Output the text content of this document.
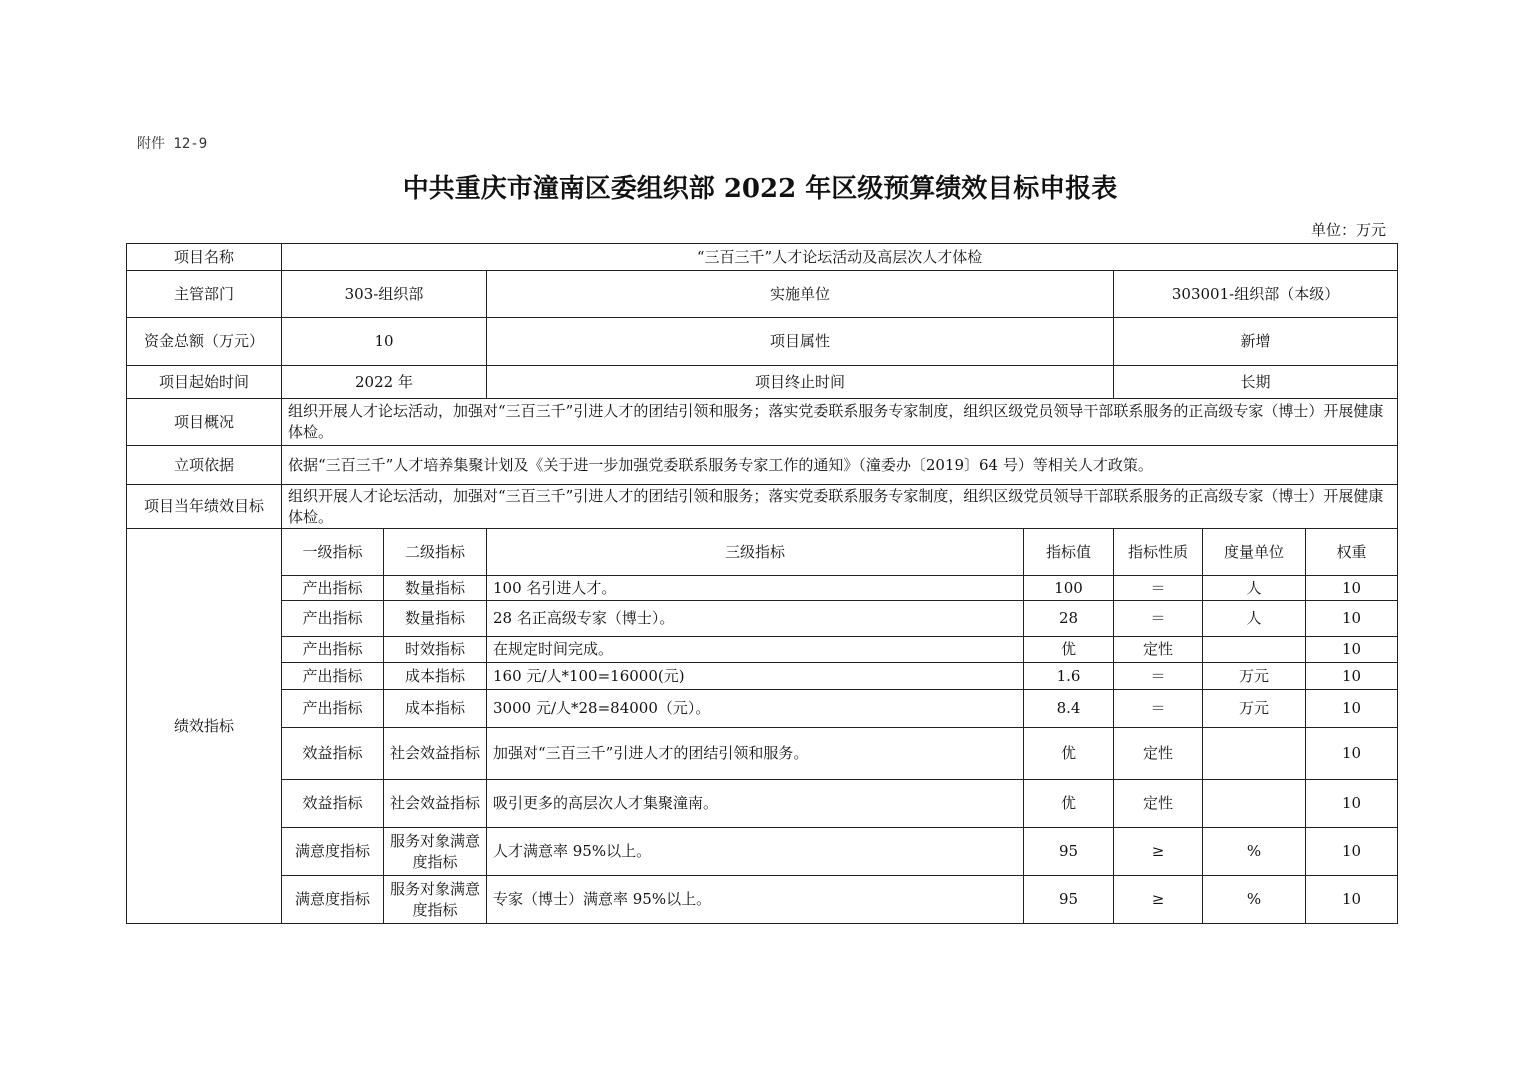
附件 12-9
中共重庆市潼南区委组织部 2022 年区级预算绩效目标申报表
单位：万元
项目名称	“三百三千”人才论坛活动及高层次人才体检						
主管部门	303-组织部		实施单位		303001-组织部（本级）		
资金总额（万元）	10		项目属性		新增		
项目起始时间	2022 年		项目终止时间		长期		
项目概况	组织开展人才论坛活动，加强对“三百三千”引进人才的团结引领和服务；落实党委联系服务专家制度，组织区级党员领导干部联系服务的正高级专家（博士）开展健康体检。						
立项依据	依据“三百三千”人才培养集聚计划及《关于进一步加强党委联系服务专家工作的通知》（潼委办〔2019〕64 号）等相关人才政策。						
项目当年绩效目标	组织开展人才论坛活动，加强对“三百三千”引进人才的团结引领和服务；落实党委联系服务专家制度，组织区级党员领导干部联系服务的正高级专家（博士）开展健康体检。						
绩效指标	一级指标	二级指标	三级指标	指标值	指标性质	度量单位	权重
	产出指标	数量指标	100 名引进人才。	100	＝	人	10
	产出指标	数量指标	28 名正高级专家（博士）。	28	＝	人	10
	产出指标	时效指标	在规定时间完成。	优	定性		10
	产出指标	成本指标	160 元/人*100=16000(元)	1.6	＝	万元	10
	产出指标	成本指标	3000 元/人*28=84000（元）。	8.4	＝	万元	10
	效益指标	社会效益指标	加强对“三百三千”引进人才的团结引领和服务。	优	定性		10
	效益指标	社会效益指标	吸引更多的高层次人才集聚潼南。	优	定性		10
	满意度指标	服务对象满意度指标	人才满意率 95%以上。	95	≥	%	10
	满意度指标	服务对象满意度指标	专家（博士）满意率 95%以上。	95	≥	%	10
